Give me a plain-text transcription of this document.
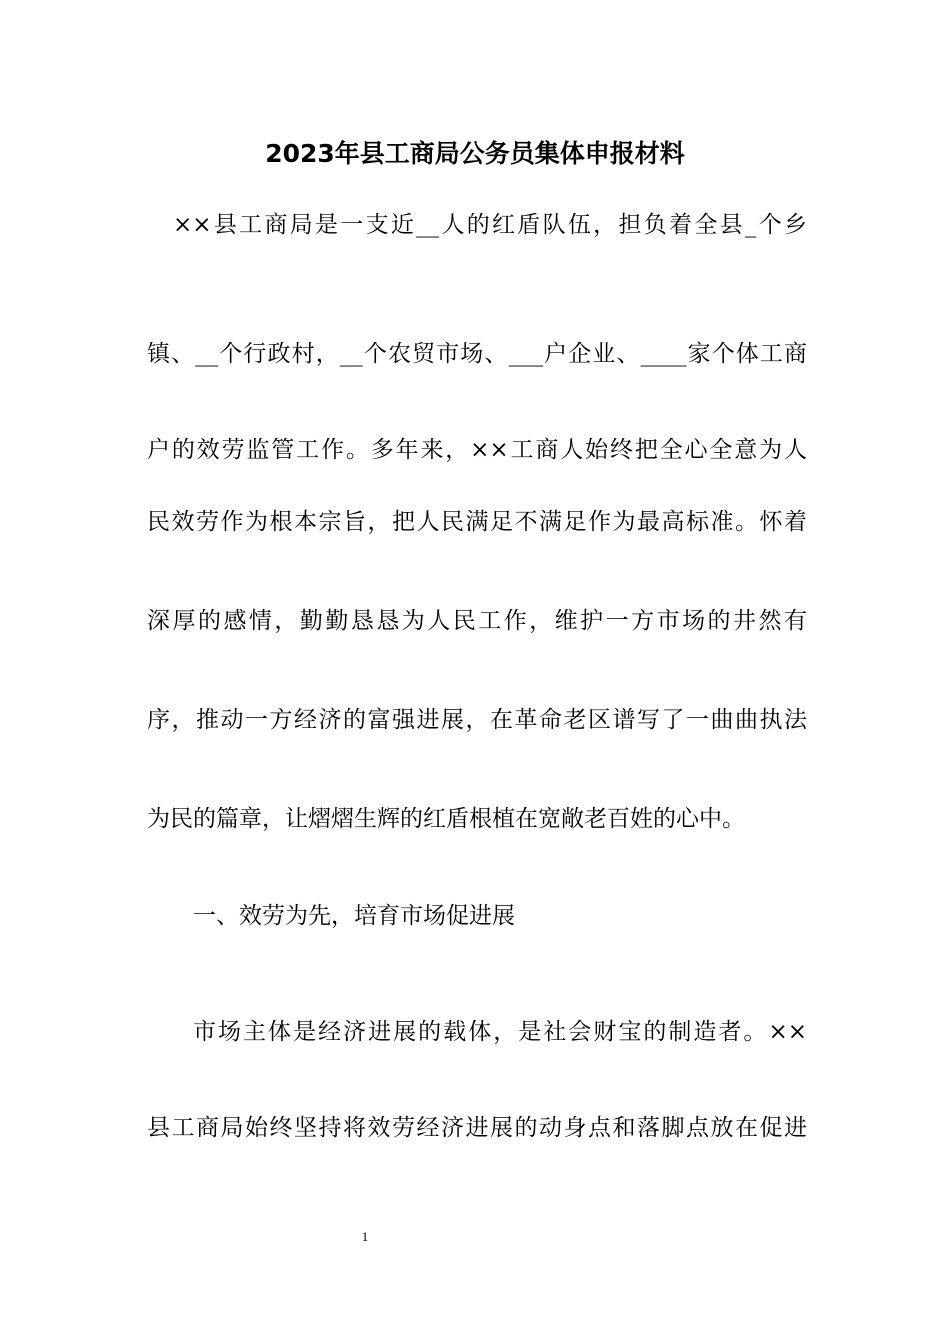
2023年县工商局公务员集体申报材料

××县工商局是一支近__人的红盾队伍，担负着全县_个乡

镇、__个行政村，__个农贸市场、___户企业、____家个体工商

户的效劳监管工作。多年来，××工商人始终把全心全意为人

民效劳作为根本宗旨，把人民满足不满足作为最高标准。怀着

深厚的感情，勤勤恳恳为人民工作，维护一方市场的井然有

序，推动一方经济的富强进展，在革命老区谱写了一曲曲执法

为民的篇章，让熠熠生辉的红盾根植在宽敞老百姓的心中。

一、效劳为先，培育市场促进展

市场主体是经济进展的载体，是社会财宝的制造者。××

县工商局始终坚持将效劳经济进展的动身点和落脚点放在促进

1
